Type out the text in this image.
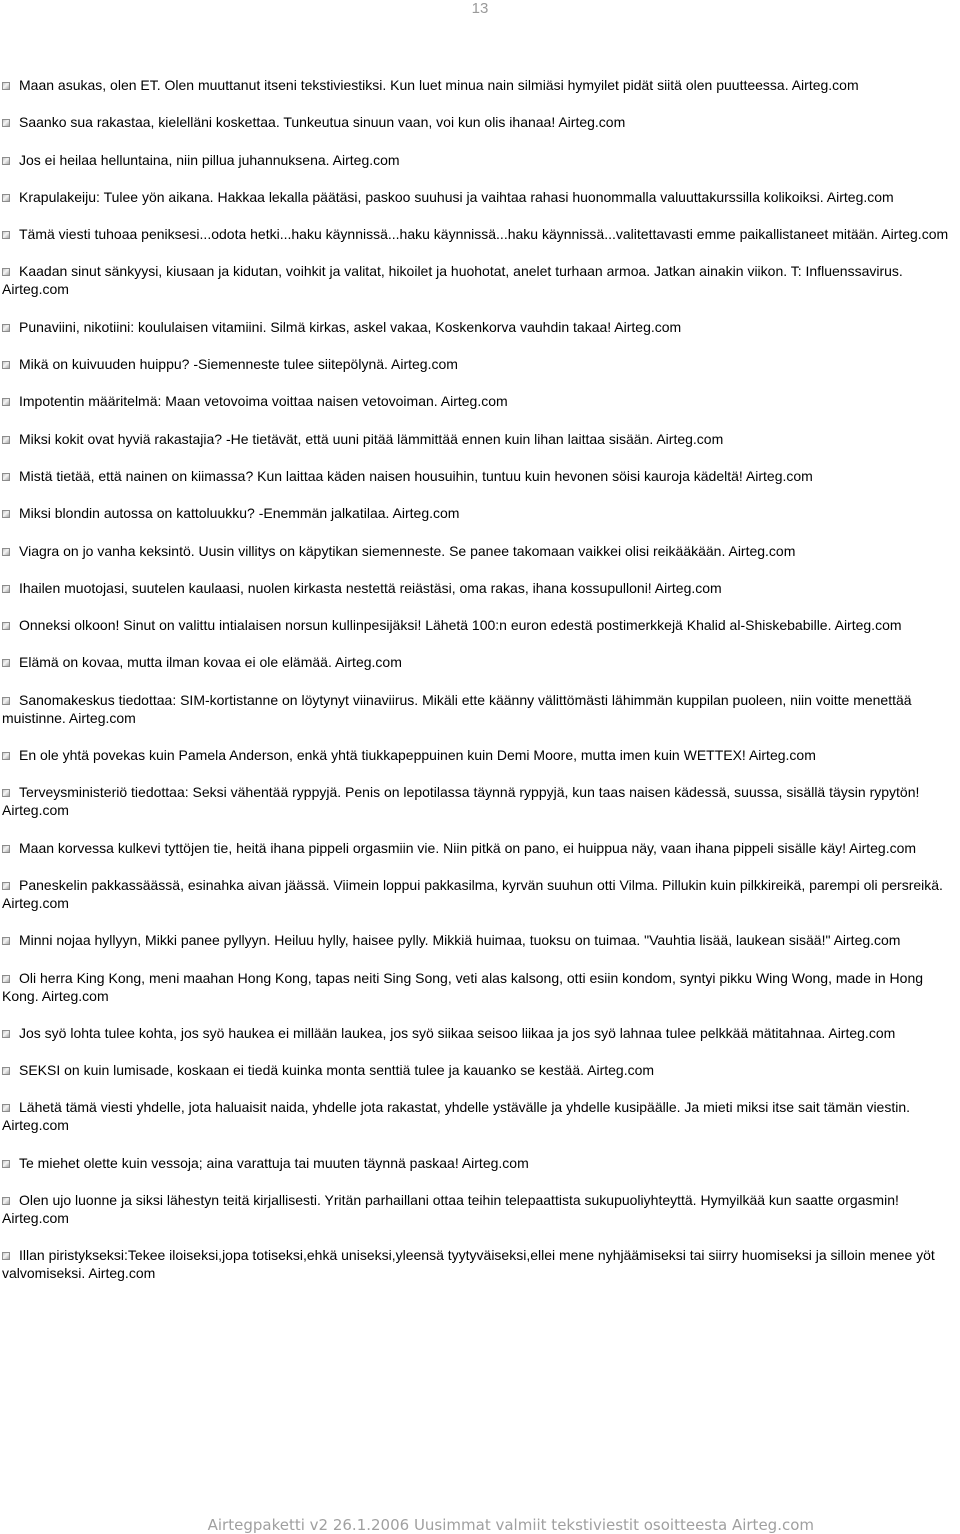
13
Maan asukas, olen ET. Olen muuttanut itseni tekstiviestiksi. Kun luet minua nain silmiäsi hymyilet pidät siitä olen puutteessa. Airteg.com
Saanko sua rakastaa, kielelläni koskettaa. Tunkeutua sinuun vaan, voi kun olis ihanaa! Airteg.com
Jos ei heilaa helluntaina, niin pillua juhannuksena. Airteg.com
Krapulakeiju: Tulee yön aikana. Hakkaa lekalla päätäsi, paskoo suuhusi ja vaihtaa rahasi huonommalla valuuttakurssilla kolikoiksi. Airteg.com
Tämä viesti tuhoaa peniksesi...odota hetki...haku käynnissä...haku käynnissä...haku käynnissä...valitettavasti emme paikallistaneet mitään. Airteg.com
Kaadan sinut sänkyysi, kiusaan ja kidutan, voihkit ja valitat, hikoilet ja huohotat, anelet turhaan armoa. Jatkan ainakin viikon. T: Influenssavirus. Airteg.com
Punaviini, nikotiini: koululaisen vitamiini. Silmä kirkas, askel vakaa, Koskenkorva vauhdin takaa! Airteg.com
Mikä on kuivuuden huippu? -Siemenneste tulee siitepölynä. Airteg.com
Impotentin määritelmä: Maan vetovoima voittaa naisen vetovoiman. Airteg.com
Miksi kokit ovat hyviä rakastajia? -He tietävät, että uuni pitää lämmittää ennen kuin lihan laittaa sisään. Airteg.com
Mistä tietää, että nainen on kiimassa? Kun laittaa käden naisen housuihin, tuntuu kuin hevonen söisi kauroja kädeltä! Airteg.com
Miksi blondin autossa on kattoluukku? -Enemmän jalkatilaa. Airteg.com
Viagra on jo vanha keksintö. Uusin villitys on käpytikan siemenneste. Se panee takomaan vaikkei olisi reikääkään. Airteg.com
Ihailen muotojasi, suutelen kaulaasi, nuolen kirkasta nestettä reiästäsi, oma rakas, ihana kossupulloni! Airteg.com
Onneksi olkoon! Sinut on valittu intialaisen norsun kullinpesijäksi! Lähetä 100:n euron edestä postimerkkejä Khalid al-Shiskebabille. Airteg.com
Elämä on kovaa, mutta ilman kovaa ei ole elämää. Airteg.com
Sanomakeskus tiedottaa: SIM-kortistanne on löytynyt viinaviirus. Mikäli ette käänny välittömästi lähimmän kuppilan puoleen, niin voitte menettää muistinne. Airteg.com
En ole yhtä povekas kuin Pamela Anderson, enkä yhtä tiukkapeppuinen kuin Demi Moore, mutta imen kuin WETTEX! Airteg.com
Terveysministeriö tiedottaa: Seksi vähentää ryppyjä. Penis on lepotilassa täynnä ryppyjä, kun taas naisen kädessä, suussa, sisällä täysin rypytön! Airteg.com
Maan korvessa kulkevi tyttöjen tie, heitä ihana pippeli orgasmiin vie. Niin pitkä on pano, ei huippua näy, vaan ihana pippeli sisälle käy! Airteg.com
Paneskelin pakkassäässä, esinahka aivan jäässä. Viimein loppui pakkasilma, kyrvän suuhun otti Vilma. Pillukin kuin pilkkireikä, parempi oli persreikä. Airteg.com
Minni nojaa hyllyyn, Mikki panee pyllyyn. Heiluu hylly, haisee pylly. Mikkiä huimaa, tuoksu on tuimaa. "Vauhtia lisää, laukean sisää!" Airteg.com
Oli herra King Kong, meni maahan Hong Kong, tapas neiti Sing Song, veti alas kalsong, otti esiin kondom, syntyi pikku Wing Wong, made in Hong Kong. Airteg.com
Jos syö lohta tulee kohta, jos syö haukea ei millään laukea, jos syö siikaa seisoo liikaa ja jos syö lahnaa tulee pelkkää mätitahnaa. Airteg.com
SEKSI on kuin lumisade, koskaan ei tiedä kuinka monta senttiä tulee ja kauanko se kestää. Airteg.com
Lähetä tämä viesti yhdelle, jota haluaisit naida, yhdelle jota rakastat, yhdelle ystävälle ja yhdelle kusipäälle. Ja mieti miksi itse sait tämän viestin. Airteg.com
Te miehet olette kuin vessoja; aina varattuja tai muuten täynnä paskaa! Airteg.com
Olen ujo luonne ja siksi lähestyn teitä kirjallisesti. Yritän parhaillani ottaa teihin telepaattista sukupuoliyhteyttä. Hymyilkää kun saatte orgasmin! Airteg.com
Illan piristykseksi:Tekee iloiseksi,jopa totiseksi,ehkä uniseksi,yleensä tyytyväiseksi,ellei mene nyhjäämiseksi tai siirry huomiseksi ja silloin menee yöt valvomiseksi. Airteg.com
Airtegpaketti v2 26.1.2006 Uusimmat valmiit tekstiviestit osoitteesta Airteg.com
